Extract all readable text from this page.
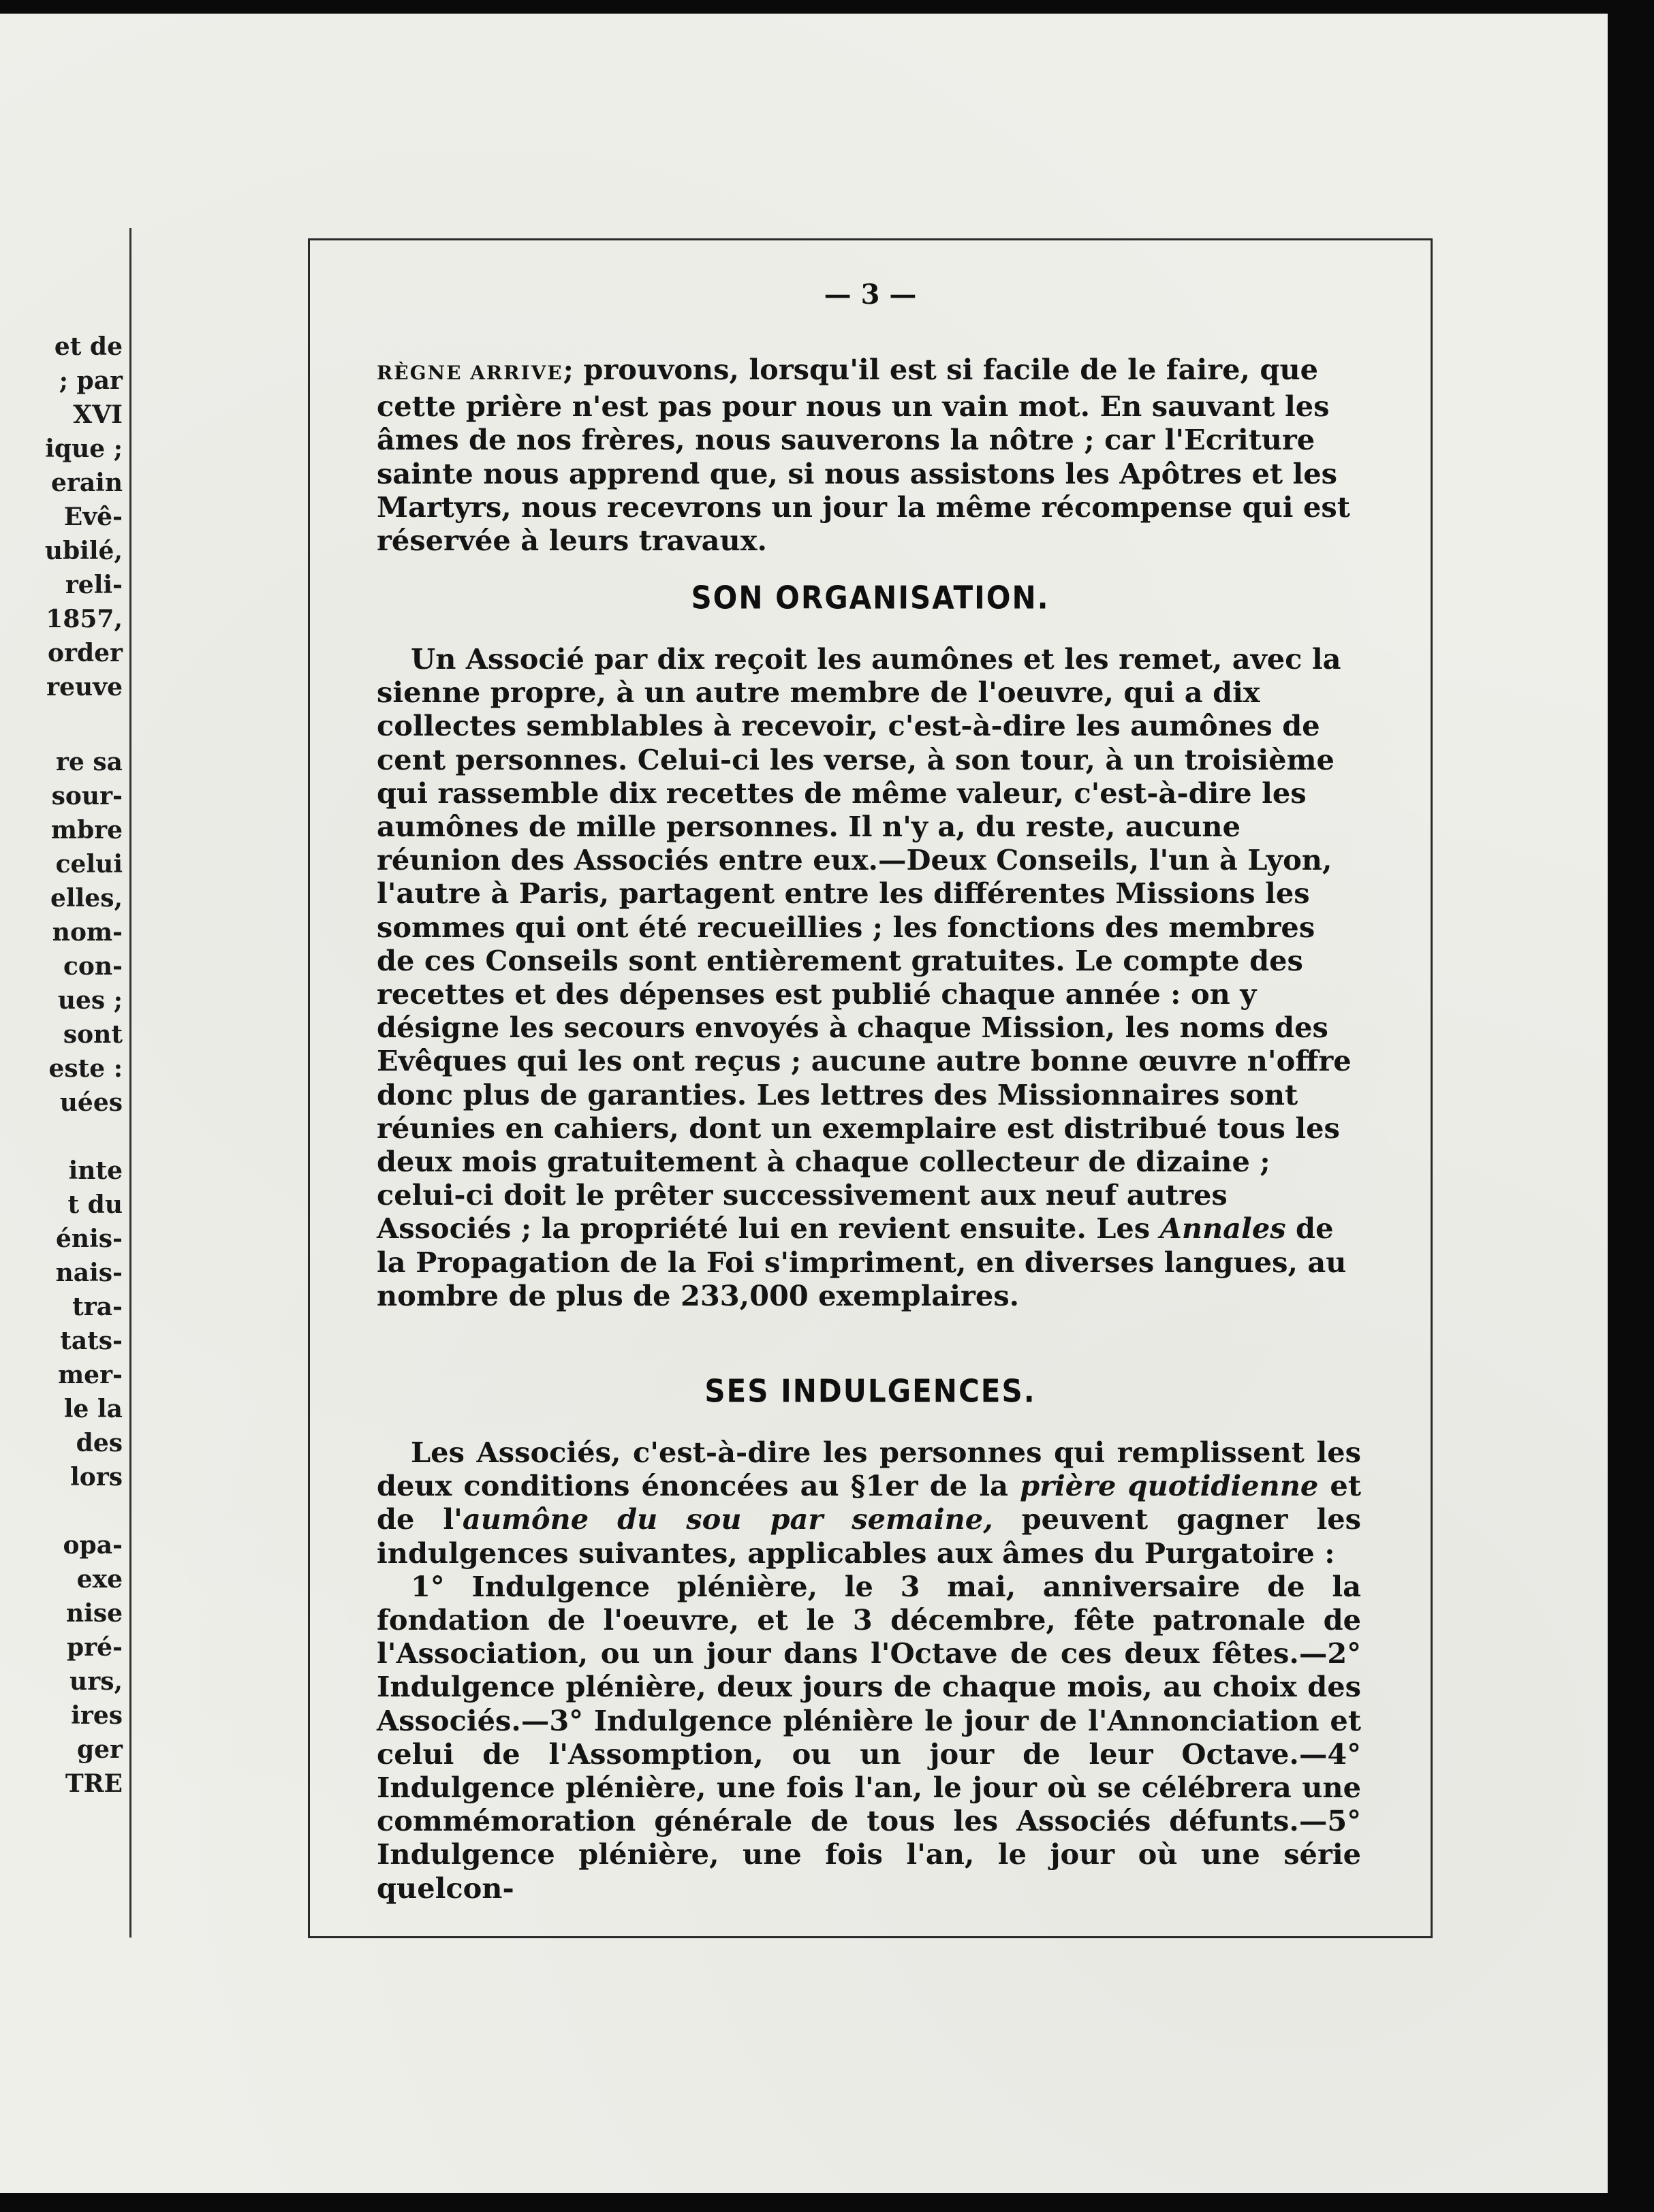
et de
; par
XVI
ique ;
erain
Evê-
ubilé,
reli-
1857,
order
reuve
re sa
sour-
mbre
celui
elles,
nom-
con-
ues ;
sont
este :
uées
inte
t du
énis-
nais-
tra-
tats-
mer-
le la
des
lors
opa-
exe
nise
pré-
urs,
ires
ger
TRE
— 3 —

RÈGNE ARRIVE; prouvons, lorsqu'il est si facile de le faire, que cette prière n'est pas pour nous un vain mot. En sauvant les âmes de nos frères, nous sauverons la nôtre ; car l'Ecriture sainte nous apprend que, si nous assistons les Apôtres et les Martyrs, nous recevrons un jour la même récompense qui est réservée à leurs travaux.

SON ORGANISATION.

Un Associé par dix reçoit les aumônes et les remet, avec la sienne propre, à un autre membre de l'oeuvre, qui a dix collectes semblables à recevoir, c'est-à-dire les aumônes de cent personnes. Celui-ci les verse, à son tour, à un troisième qui rassemble dix recettes de même valeur, c'est-à-dire les aumônes de mille personnes. Il n'y a, du reste, aucune réunion des Associés entre eux.—Deux Conseils, l'un à Lyon, l'autre à Paris, partagent entre les différentes Missions les sommes qui ont été recueillies ; les fonctions des membres de ces Conseils sont entièrement gratuites. Le compte des recettes et des dépenses est publié chaque année : on y désigne les secours envoyés à chaque Mission, les noms des Evêques qui les ont reçus ; aucune autre bonne œuvre n'offre donc plus de garanties. Les lettres des Missionnaires sont réunies en cahiers, dont un exemplaire est distribué tous les deux mois gratuitement à chaque collecteur de dizaine ; celui-ci doit le prêter successivement aux neuf autres Associés ; la propriété lui en revient ensuite. Les Annales de la Propagation de la Foi s'impriment, en diverses langues, au nombre de plus de 233,000 exemplaires.

SES INDULGENCES.

Les Associés, c'est-à-dire les personnes qui remplissent les deux conditions énoncées au §1er de la prière quotidienne et de l'aumône du sou par semaine, peuvent gagner les indulgences suivantes, applicables aux âmes du Purgatoire :

1° Indulgence plénière, le 3 mai, anniversaire de la fondation de l'oeuvre, et le 3 décembre, fête patronale de l'Association, ou un jour dans l'Octave de ces deux fêtes.—2° Indulgence plénière, deux jours de chaque mois, au choix des Associés.—3° Indulgence plénière le jour de l'Annonciation et celui de l'Assomption, ou un jour de leur Octave.—4° Indulgence plénière, une fois l'an, le jour où se célébrera une commémoration générale de tous les Associés défunts.—5° Indulgence plénière, une fois l'an, le jour où une série quelcon-
